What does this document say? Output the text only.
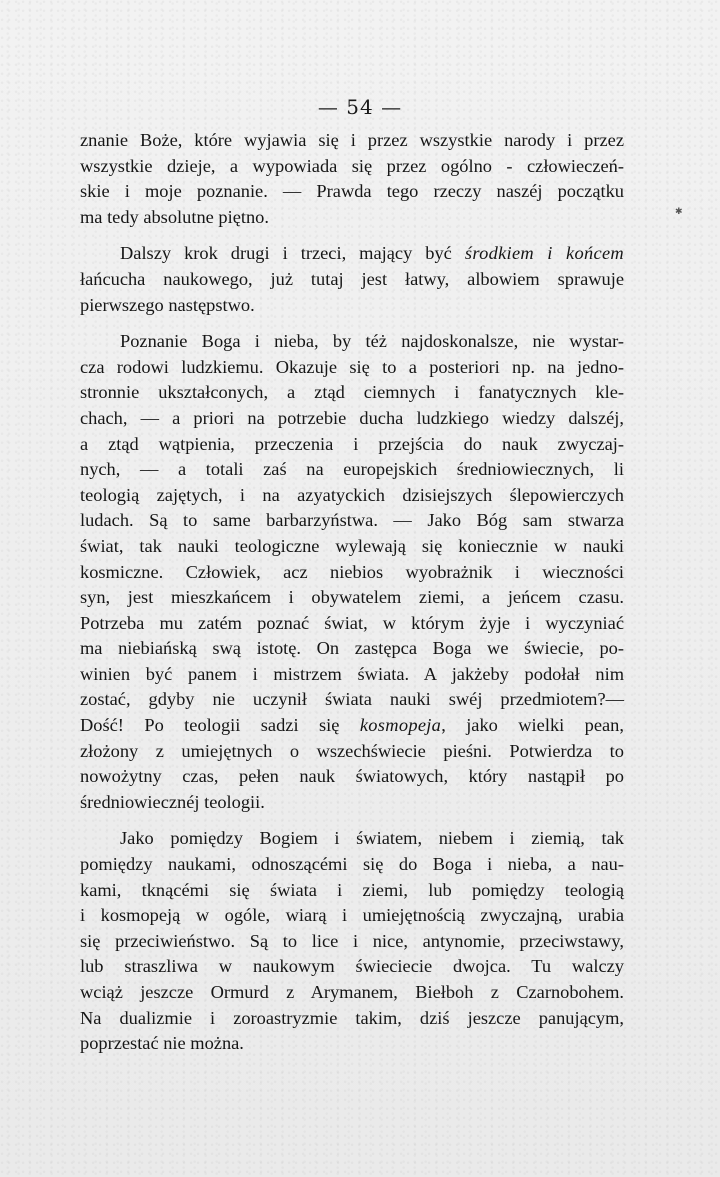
— 54 —
✱

znanie Boże, które wyjawia się i przez wszystkie narody i przez

wszystkie dzieje, a wypowiada się przez ogólno - człowieczeń-

skie i moje poznanie. — Prawda tego rzeczy naszéj początku

ma tedy absolutne piętno.

Dalszy krok drugi i trzeci, mający być środkiem i końcem

łańcucha naukowego, już tutaj jest łatwy, albowiem sprawuje

pierwszego następstwo.

Poznanie Boga i nieba, by téż najdoskonalsze, nie wystar-

cza rodowi ludzkiemu. Okazuje się to a posteriori np. na jedno-

stronnie ukształconych, a ztąd ciemnych i fanatycznych kle-

chach, — a priori na potrzebie ducha ludzkiego wiedzy dalszéj,

a ztąd wątpienia, przeczenia i przejścia do nauk zwyczaj-

nych, — a totali zaś na europejskich średniowiecznych, li

teologią zajętych, i na azyatyckich dzisiejszych ślepowierczych

ludach. Są to same barbarzyństwa. — Jako Bóg sam stwarza

świat, tak nauki teologiczne wylewają się koniecznie w nauki

kosmiczne. Człowiek, acz niebios wyobrażnik i wieczności

syn, jest mieszkańcem i obywatelem ziemi, a jeńcem czasu.

Potrzeba mu zatém poznać świat, w którym żyje i wyczyniać

ma niebiańską swą istotę. On zastępca Boga we świecie, po-

winien być panem i mistrzem świata. A jakżeby podołał nim

zostać, gdyby nie uczynił świata nauki swéj przedmiotem?—

Dość! Po teologii sadzi się kosmopeja, jako wielki pean,

złożony z umiejętnych o wszechświecie pieśni. Potwierdza to

nowożytny czas, pełen nauk światowych, który nastąpił po

średniowiecznéj teologii.

Jako pomiędzy Bogiem i światem, niebem i ziemią, tak

pomiędzy naukami, odnoszącémi się do Boga i nieba, a nau-

kami, tknącémi się świata i ziemi, lub pomiędzy teologią

i kosmopeją w ogóle, wiarą i umiejętnością zwyczajną, urabia

się przeciwieństwo. Są to lice i nice, antynomie, przeciwstawy,

lub straszliwa w naukowym świeciecie dwojca. Tu walczy

wciąż jeszcze Ormurd z Arymanem, Biełboh z Czarnobohem.

Na dualizmie i zoroastryzmie takim, dziś jeszcze panującym,

poprzestać nie można.
